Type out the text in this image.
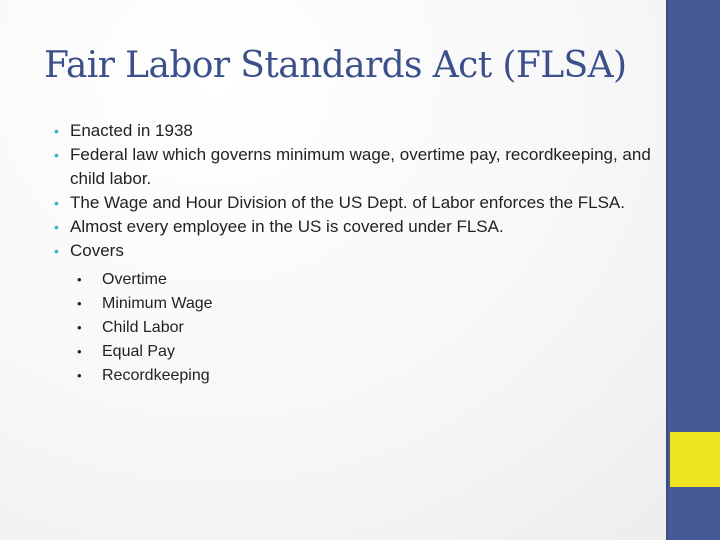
Fair Labor Standards Act (FLSA)
• Enacted in 1938
• Federal law which governs minimum wage, overtime pay, recordkeeping, and child labor.
• The Wage and Hour Division of the US Dept. of Labor enforces the FLSA.
• Almost every employee in the US is covered under FLSA.
• Covers
• Overtime
• Minimum Wage
• Child Labor
• Equal Pay
• Recordkeeping
